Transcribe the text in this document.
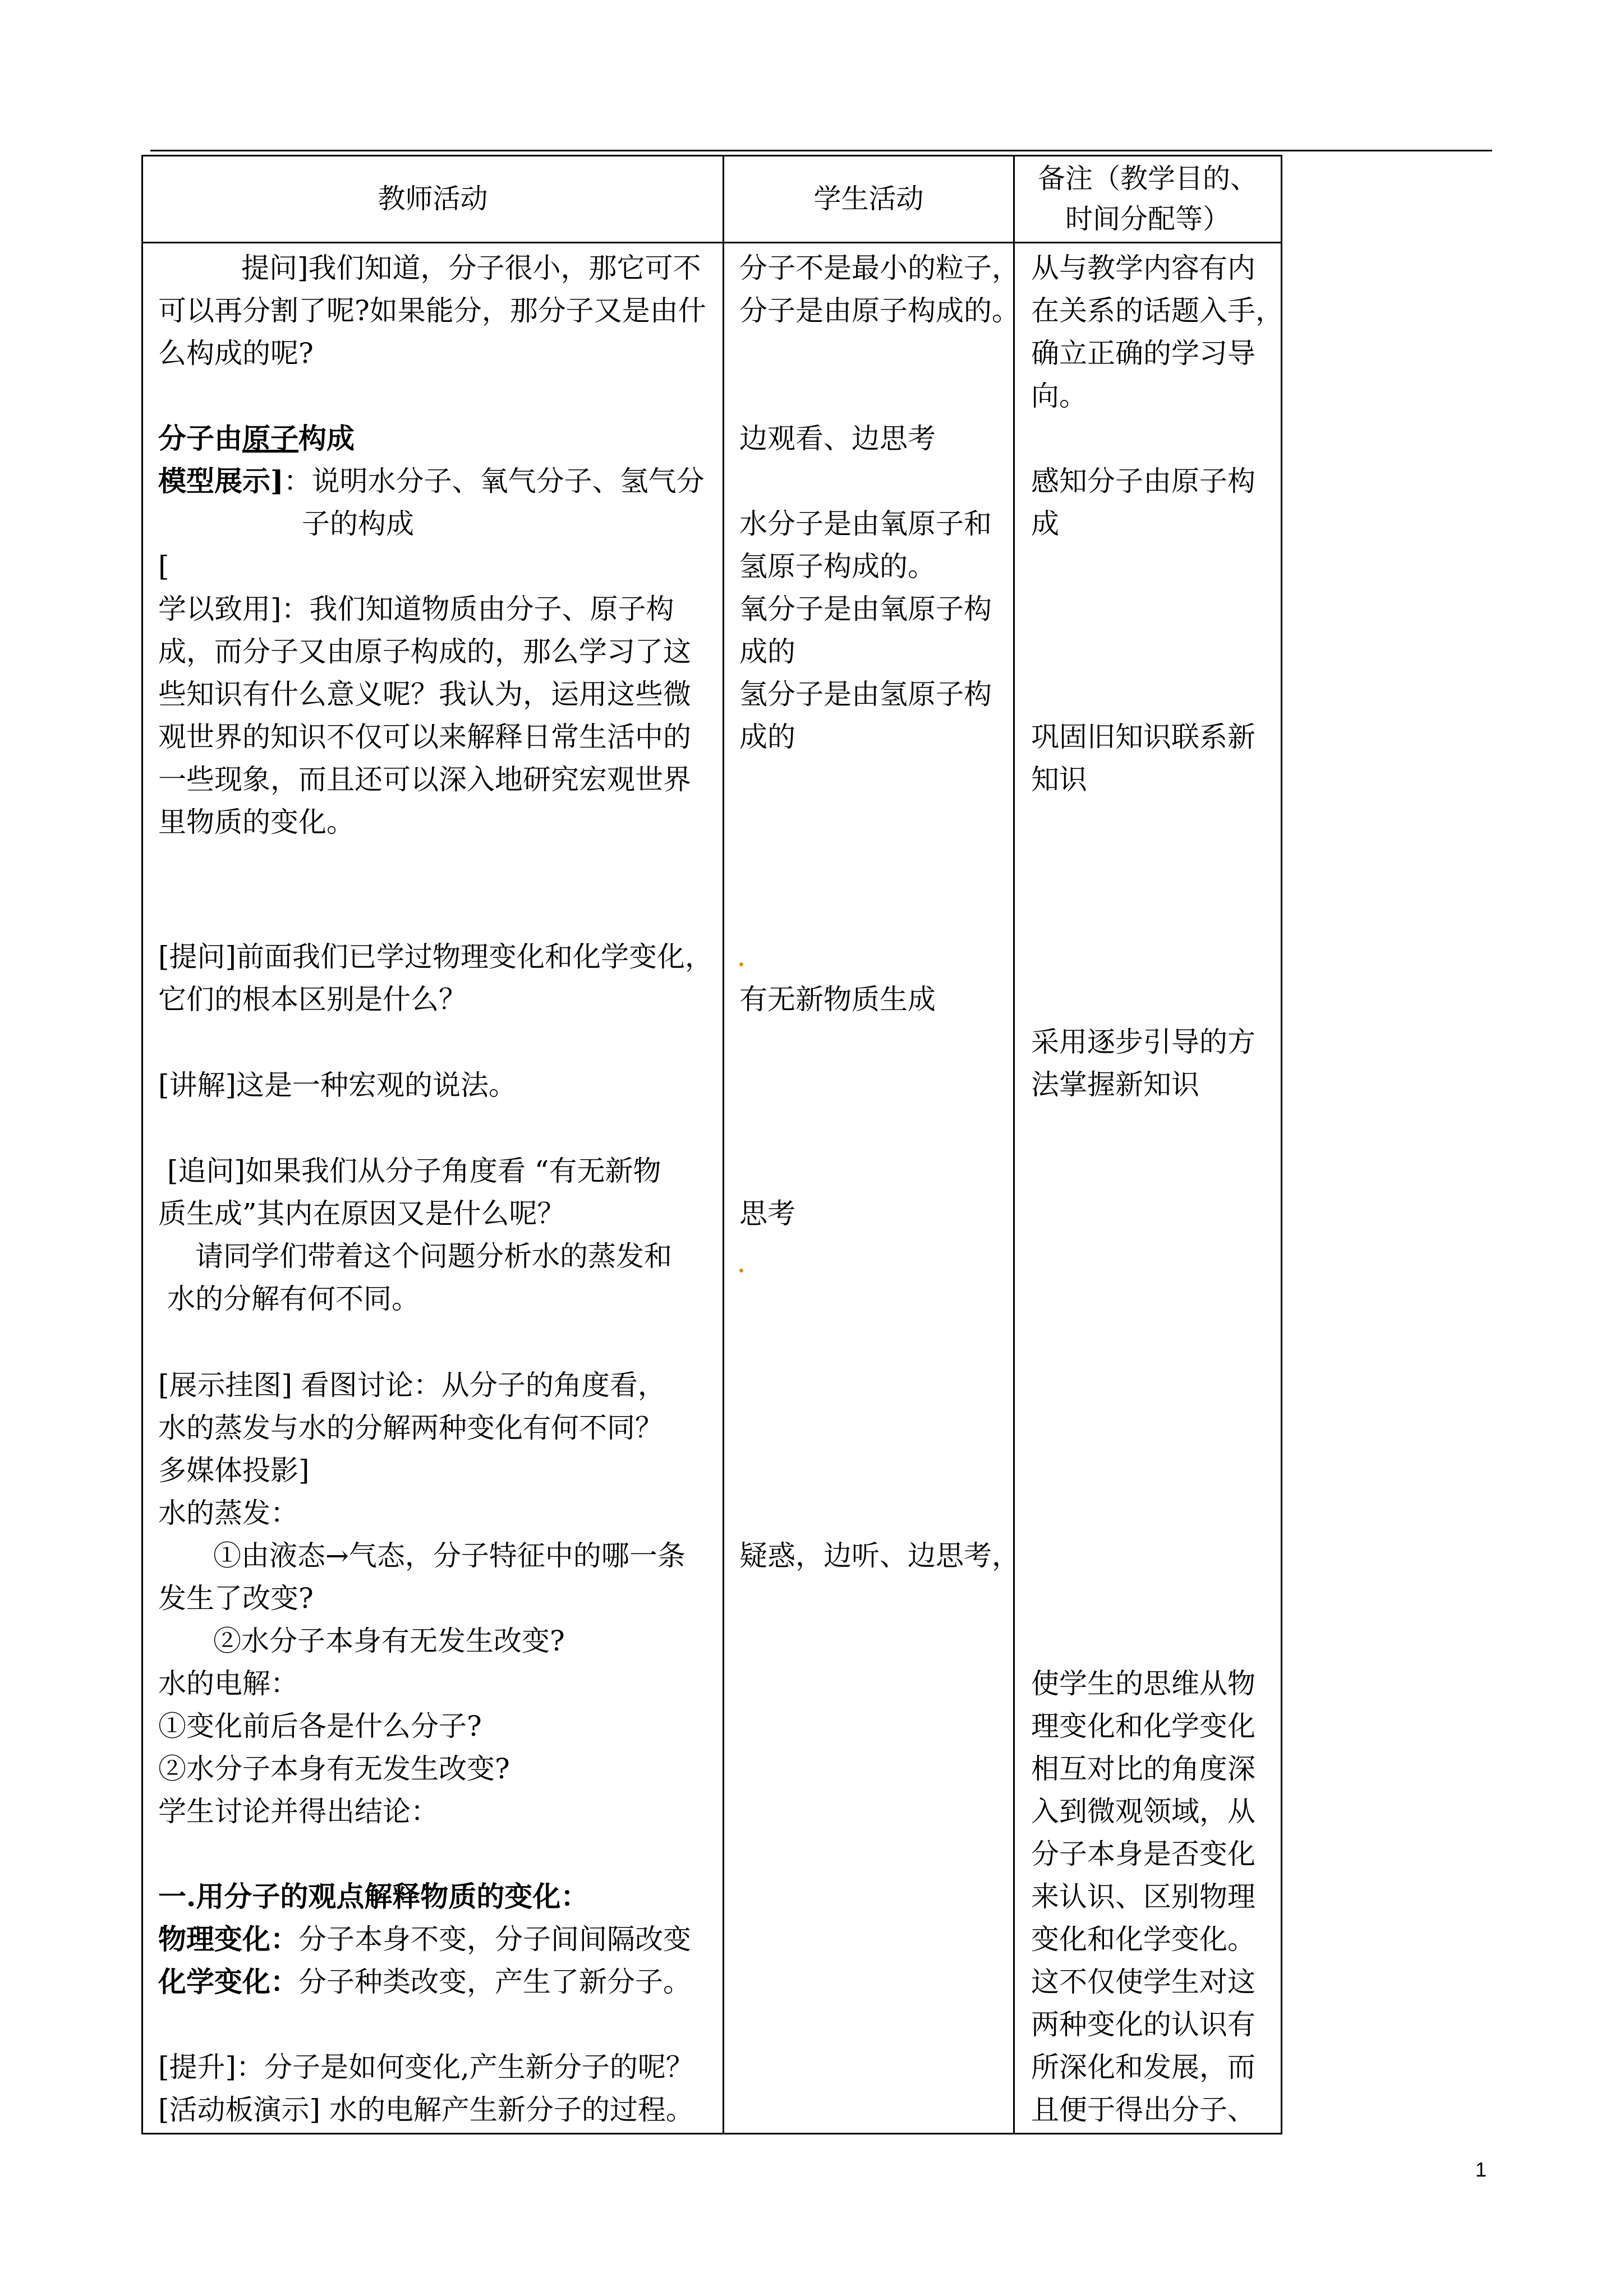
教师活动	学生活动
备注（教学目的、
时间分配等）
　　提问]我们知道，分子很小，那它可不
可以再分割了呢?如果能分，那分子又是由什
么构成的呢?
分子由原子构成
模型展示]：说明水分子、氧气分子、氢气分
子的构成
[
学以致用]：我们知道物质由分子、原子构
成，而分子又由原子构成的，那么学习了这
些知识有什么意义呢？我认为，运用这些微
观世界的知识不仅可以来解释日常生活中的
一些现象，而且还可以深入地研究宏观世界
里物质的变化。
[提问]前面我们已学过物理变化和化学变化，
它们的根本区别是什么？
[讲解]这是一种宏观的说法。
[追问]如果我们从分子角度看 “有无新物
质生成”其内在原因又是什么呢？
　请同学们带着这个问题分析水的蒸发和
水的分解有何不同。
[展示挂图] 看图讨论：从分子的角度看，
水的蒸发与水的分解两种变化有何不同？
多媒体投影]
水的蒸发：
　①由液态→气态，分子特征中的哪一条
发生了改变?
　②水分子本身有无发生改变?
水的电解：
①变化前后各是什么分子?
②水分子本身有无发生改变?
学生讨论并得出结论：
一.用分子的观点解释物质的变化：
物理变化：分子本身不变，分子间间隔改变
化学变化：分子种类改变，产生了新分子。
[提升]：分子是如何变化,产生新分子的呢？
[活动板演示] 水的电解产生新分子的过程。
分子不是最小的粒子，
分子是由原子构成的。
边观看、边思考
水分子是由氧原子和
氢原子构成的。
氧分子是由氧原子构
成的
氢分子是由氢原子构
成的
有无新物质生成
思考
疑惑，边听、边思考，
从与教学内容有内
在关系的话题入手，
确立正确的学习导
向。
感知分子由原子构
成
巩固旧知识联系新
知识
采用逐步引导的方
法掌握新知识
使学生的思维从物
理变化和化学变化
相互对比的角度深
入到微观领域，从
分子本身是否变化
来认识、区别物理
变化和化学变化。
这不仅使学生对这
两种变化的认识有
所深化和发展，而
且便于得出分子、
1
